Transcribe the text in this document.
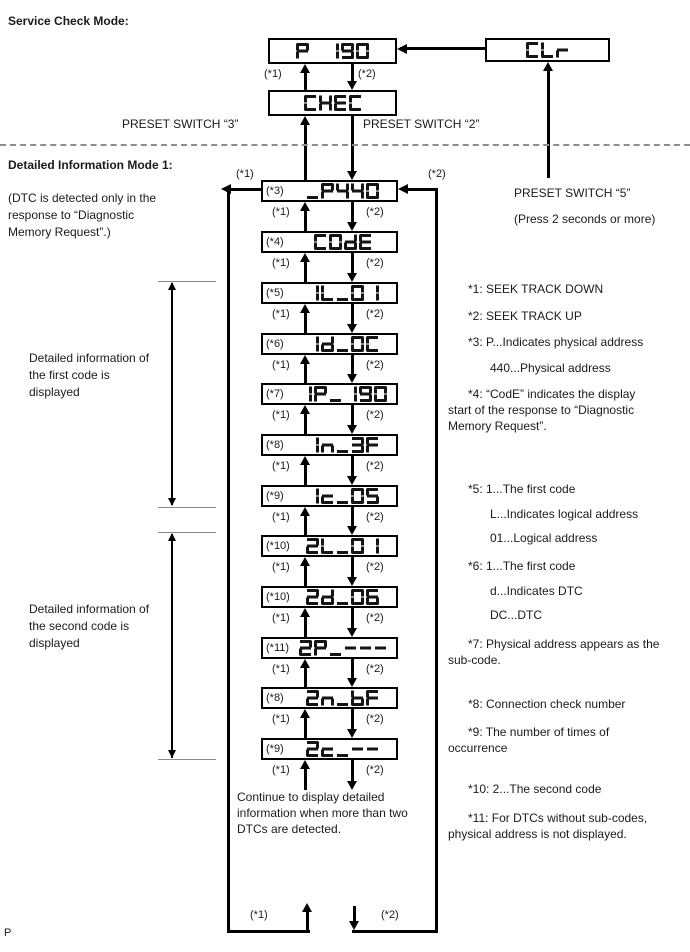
Service Check Mode:
Detailed Information Mode 1:
(DTC is detected only in the
response to “Diagnostic
Memory Request”.)
(*1)	(*2)
PRESET SWITCH “3”	PRESET SWITCH “2”
PRESET SWITCH “5”
(Press 2 seconds or more)
(*1)
(*1)
(*2)
(*2)
Detailed information of
the first code is
displayed
Detailed information of
the second code is
displayed
(*3)
(*1)	(*2)
(*4)
(*1)	(*2)
(*5)
(*1)	(*2)
(*6)
(*1)	(*2)
(*7)
(*1)	(*2)
(*8)
(*1)	(*2)
(*9)
(*1)	(*2)
(*10)
(*1)	(*2)
(*10)
(*1)	(*2)
(*11)
(*1)	(*2)
(*8)
(*1)	(*2)
(*9)
(*1)	(*2)
Continue to display detailed
information when more than two
DTCs are detected.
*1: SEEK TRACK DOWN
*2: SEEK TRACK UP
*3: P...Indicates physical address
440...Physical address
*4: “CodE” indicates the display
start of the response to “Diagnostic
Memory Request”.
*5: 1...The first code
L...Indicates logical address
01...Logical address
*6: 1...The first code
d...Indicates DTC
DC...DTC
*7: Physical address appears as the
sub-code.
*8: Connection check number
*9: The number of times of
occurrence
*10: 2...The second code
*11: For DTCs without sub-codes,
physical address is not displayed.
P
